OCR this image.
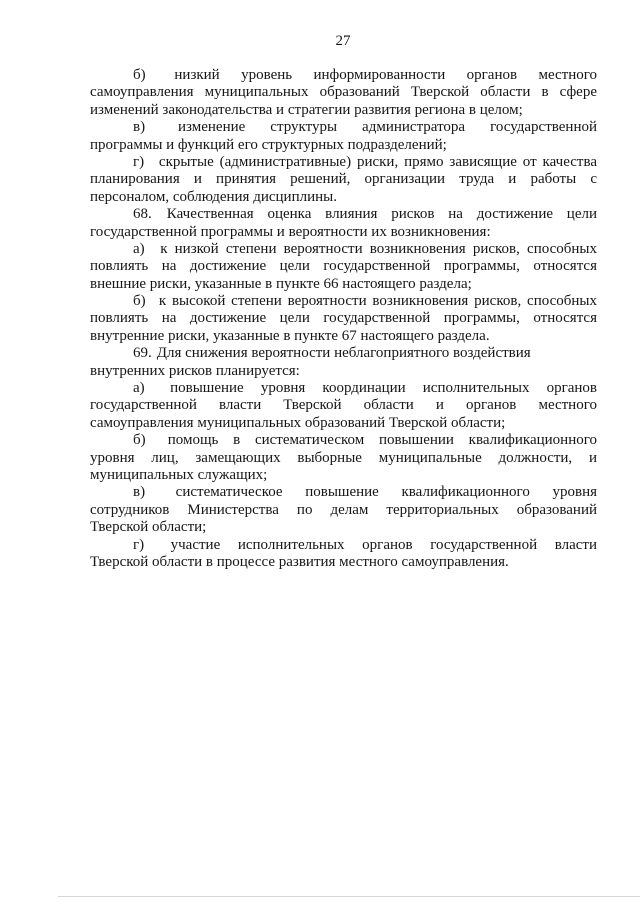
27
б) низкий уровень информированности органов местного
самоуправления муниципальных образований Тверской области в сфере
изменений законодательства и стратегии развития региона в целом;
в) изменение структуры администратора государственной
программы и функций его структурных подразделений;
г) скрытые (административные) риски, прямо зависящие от качества
планирования и принятия решений, организации труда и работы с
персоналом, соблюдения дисциплины.
68. Качественная оценка влияния рисков на достижение цели
государственной программы и вероятности их возникновения:
а) к низкой степени вероятности возникновения рисков, способных
повлиять на достижение цели государственной программы, относятся
внешние риски, указанные в пункте 66 настоящего раздела;
б) к высокой степени вероятности возникновения рисков, способных
повлиять на достижение цели государственной программы, относятся
внутренние риски, указанные в пункте 67 настоящего раздела.
69. Для снижения вероятности неблагоприятного воздействия
внутренних рисков планируется:
а) повышение уровня координации исполнительных органов
государственной власти Тверской области и органов местного
самоуправления муниципальных образований Тверской области;
б) помощь в систематическом повышении квалификационного
уровня лиц, замещающих выборные муниципальные должности, и
муниципальных служащих;
в) систематическое повышение квалификационного уровня
сотрудников Министерства по делам территориальных образований
Тверской области;
г) участие исполнительных органов государственной власти
Тверской области в процессе развития местного самоуправления.
